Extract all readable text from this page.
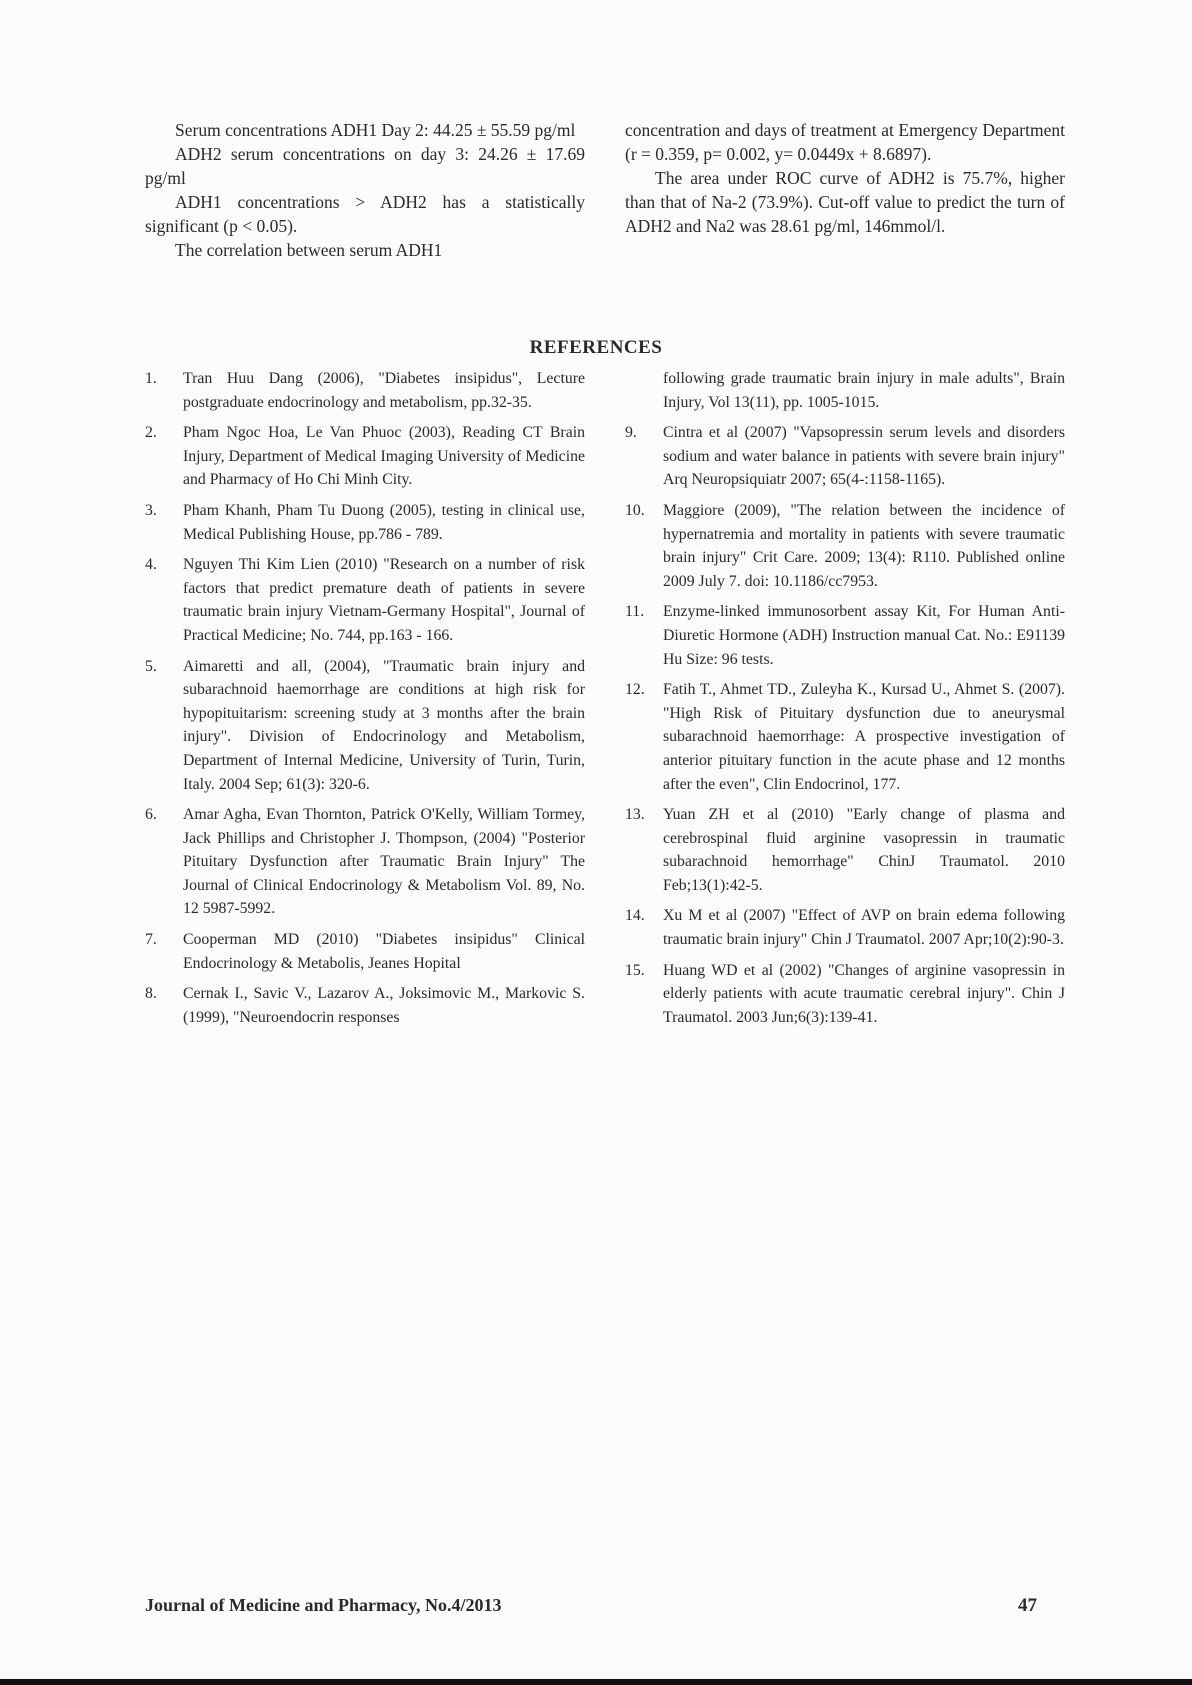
Serum concentrations ADH1 Day 2: 44.25 ± 55.59 pg/ml

ADH2 serum concentrations on day 3: 24.26 ± 17.69 pg/ml

ADH1 concentrations > ADH2 has a statistically significant (p < 0.05).

The correlation between serum ADH1

concentration and days of treatment at Emergency Department (r = 0.359, p= 0.002, y= 0.0449x + 8.6897).

The area under ROC curve of ADH2 is 75.7%, higher than that of Na-2 (73.9%). Cut-off value to predict the turn of ADH2 and Na2 was 28.61 pg/ml, 146mmol/l.

REFERENCES
1.	Tran Huu Dang (2006), "Diabetes insipidus", Lecture postgraduate endocrinology and metabolism, pp.32-35.
2.	Pham Ngoc Hoa, Le Van Phuoc (2003), Reading CT Brain Injury, Department of Medical Imaging University of Medicine and Pharmacy of Ho Chi Minh City.
3.	Pham Khanh, Pham Tu Duong (2005), testing in clinical use, Medical Publishing House, pp.786 - 789.
4.	Nguyen Thi Kim Lien (2010) "Research on a number of risk factors that predict premature death of patients in severe traumatic brain injury Vietnam-Germany Hospital", Journal of Practical Medicine; No. 744, pp.163 - 166.
5.	Aimaretti and all, (2004), "Traumatic brain injury and subarachnoid haemorrhage are conditions at high risk for hypopituitarism: screening study at 3 months after the brain injury". Division of Endocrinology and Metabolism, Department of Internal Medicine, University of Turin, Turin, Italy. 2004 Sep; 61(3): 320-6.
6.	Amar Agha, Evan Thornton, Patrick O'Kelly, William Tormey, Jack Phillips and Christopher J. Thompson, (2004) "Posterior Pituitary Dysfunction after Traumatic Brain Injury" The Journal of Clinical Endocrinology & Metabolism Vol. 89, No. 12 5987-5992.
7.	Cooperman MD (2010) "Diabetes insipidus" Clinical Endocrinology & Metabolis, Jeanes Hopital
8.	Cernak I., Savic V., Lazarov A., Joksimovic M., Markovic S. (1999), "Neuroendocrin responses
following grade traumatic brain injury in male adults", Brain Injury, Vol 13(11), pp. 1005-1015.
9.	Cintra et al (2007) "Vapsopressin serum levels and disorders sodium and water balance in patients with severe brain injury" Arq Neuropsiquiatr 2007; 65(4-:1158-1165).
10.	Maggiore (2009), "The relation between the incidence of hypernatremia and mortality in patients with severe traumatic brain injury" Crit Care. 2009; 13(4): R110. Published online 2009 July 7. doi: 10.1186/cc7953.
11.	Enzyme-linked immunosorbent assay Kit, For Human Anti-Diuretic Hormone (ADH) Instruction manual Cat. No.: E91139 Hu Size: 96 tests.
12.	Fatih T., Ahmet TD., Zuleyha K., Kursad U., Ahmet S. (2007). "High Risk of Pituitary dysfunction due to aneurysmal subarachnoid haemorrhage: A prospective investigation of anterior pituitary function in the acute phase and 12 months after the even", Clin Endocrinol, 177.
13.	Yuan ZH et al (2010) "Early change of plasma and cerebrospinal fluid arginine vasopressin in traumatic subarachnoid hemorrhage" ChinJ Traumatol. 2010 Feb;13(1):42-5.
14.	Xu M et al (2007) "Effect of AVP on brain edema following traumatic brain injury" Chin J Traumatol. 2007 Apr;10(2):90-3.
15.	Huang WD et al (2002) "Changes of arginine vasopressin in elderly patients with acute traumatic cerebral injury". Chin J Traumatol. 2003 Jun;6(3):139-41.
Journal of Medicine and Pharmacy, No.4/2013	47
